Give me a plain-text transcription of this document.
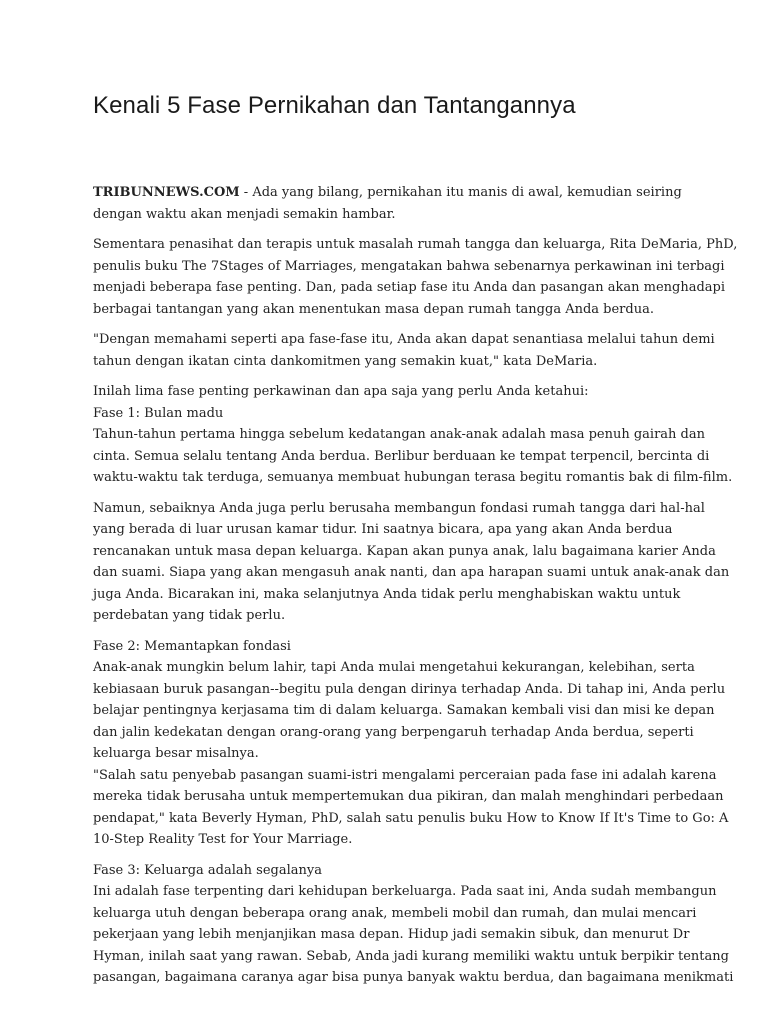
Kenali 5 Fase Pernikahan dan Tantangannya

TRIBUNNEWS.COM - Ada yang bilang, pernikahan itu manis di awal, kemudian seiring
dengan waktu akan menjadi semakin hambar.

Sementara penasihat dan terapis untuk masalah rumah tangga dan keluarga, Rita DeMaria, PhD,
penulis buku The 7Stages of Marriages, mengatakan bahwa sebenarnya perkawinan ini terbagi
menjadi beberapa fase penting. Dan, pada setiap fase itu Anda dan pasangan akan menghadapi
berbagai tantangan yang akan menentukan masa depan rumah tangga Anda berdua.

"Dengan memahami seperti apa fase-fase itu, Anda akan dapat senantiasa melalui tahun demi
tahun dengan ikatan cinta dankomitmen yang semakin kuat," kata DeMaria.

Inilah lima fase penting perkawinan dan apa saja yang perlu Anda ketahui:
Fase 1: Bulan madu
Tahun-tahun pertama hingga sebelum kedatangan anak-anak adalah masa penuh gairah dan
cinta. Semua selalu tentang Anda berdua. Berlibur berduaan ke tempat terpencil, bercinta di
waktu-waktu tak terduga, semuanya membuat hubungan terasa begitu romantis bak di film-film.

Namun, sebaiknya Anda juga perlu berusaha membangun fondasi rumah tangga dari hal-hal
yang berada di luar urusan kamar tidur. Ini saatnya bicara, apa yang akan Anda berdua
rencanakan untuk masa depan keluarga. Kapan akan punya anak, lalu bagaimana karier Anda
dan suami. Siapa yang akan mengasuh anak nanti, dan apa harapan suami untuk anak-anak dan
juga Anda. Bicarakan ini, maka selanjutnya Anda tidak perlu menghabiskan waktu untuk
perdebatan yang tidak perlu.

Fase 2: Memantapkan fondasi
Anak-anak mungkin belum lahir, tapi Anda mulai mengetahui kekurangan, kelebihan, serta
kebiasaan buruk pasangan--begitu pula dengan dirinya terhadap Anda. Di tahap ini, Anda perlu
belajar pentingnya kerjasama tim di dalam keluarga. Samakan kembali visi dan misi ke depan
dan jalin kedekatan dengan orang-orang yang berpengaruh terhadap Anda berdua, seperti
keluarga besar misalnya.
"Salah satu penyebab pasangan suami-istri mengalami perceraian pada fase ini adalah karena
mereka tidak berusaha untuk mempertemukan dua pikiran, dan malah menghindari perbedaan
pendapat," kata Beverly Hyman, PhD, salah satu penulis buku How to Know If It's Time to Go: A
10-Step Reality Test for Your Marriage.

Fase 3: Keluarga adalah segalanya
Ini adalah fase terpenting dari kehidupan berkeluarga. Pada saat ini, Anda sudah membangun
keluarga utuh dengan beberapa orang anak, membeli mobil dan rumah, dan mulai mencari
pekerjaan yang lebih menjanjikan masa depan. Hidup jadi semakin sibuk, dan menurut Dr
Hyman, inilah saat yang rawan. Sebab, Anda jadi kurang memiliki waktu untuk berpikir tentang
pasangan, bagaimana caranya agar bisa punya banyak waktu berdua, dan bagaimana menikmati
